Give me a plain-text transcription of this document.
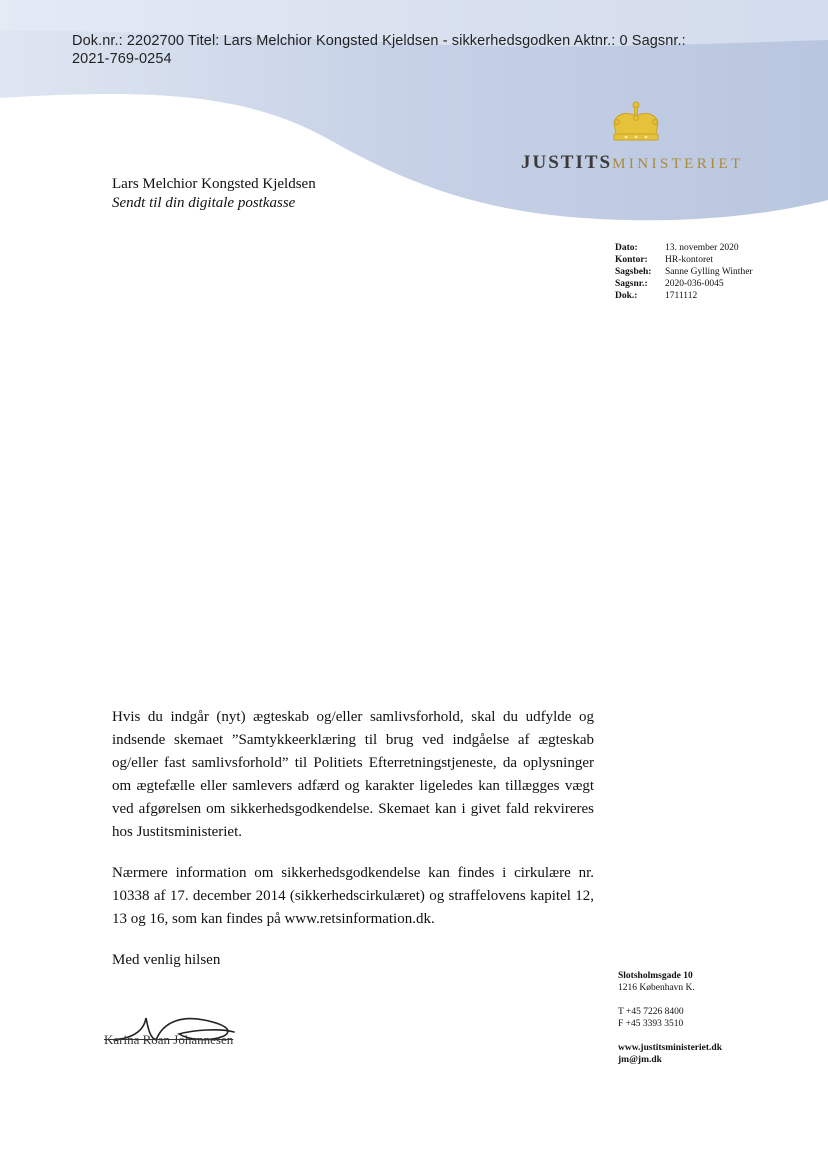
Dok.nr.: 2202700 Titel: Lars Melchior Kongsted Kjeldsen - sikkerhedsgodken Aktnr.: 0 Sagsnr.:
2021-769-0254
JUSTITSMINISTERIET
Lars Melchior Kongsted Kjeldsen
Sendt til din digitale postkasse
Dato:	13. november 2020
Kontor:	HR-kontoret
Sagsbeh:	Sanne Gylling Winther
Sagsnr.:	2020-036-0045
Dok.:	1711112

Hvis du indgår (nyt) ægteskab og/eller samlivsforhold, skal du udfylde og indsende skemaet ”Samtykkeerklæring til brug ved indgåelse af ægteskab og/eller fast samlivsforhold” til Politiets Efterretningstjeneste, da oplysninger om ægtefælle eller samlevers adfærd og karakter ligeledes kan tillægges vægt ved afgørelsen om sikkerhedsgodkendelse. Skemaet kan i givet fald rekvireres hos Justitsministeriet.

Nærmere information om sikkerhedsgodkendelse kan findes i cirkulære nr. 10338 af 17. december 2014 (sikkerhedscirkulæret) og straffelovens kapitel 12, 13 og 16, som kan findes på www.retsinformation.dk.

Med venlig hilsen

Karina Roan Johannesen
Slotsholmsgade 10
1216 København K.
T +45 7226 8400
F +45 3393 3510
www.justitsministeriet.dk
jm@jm.dk
